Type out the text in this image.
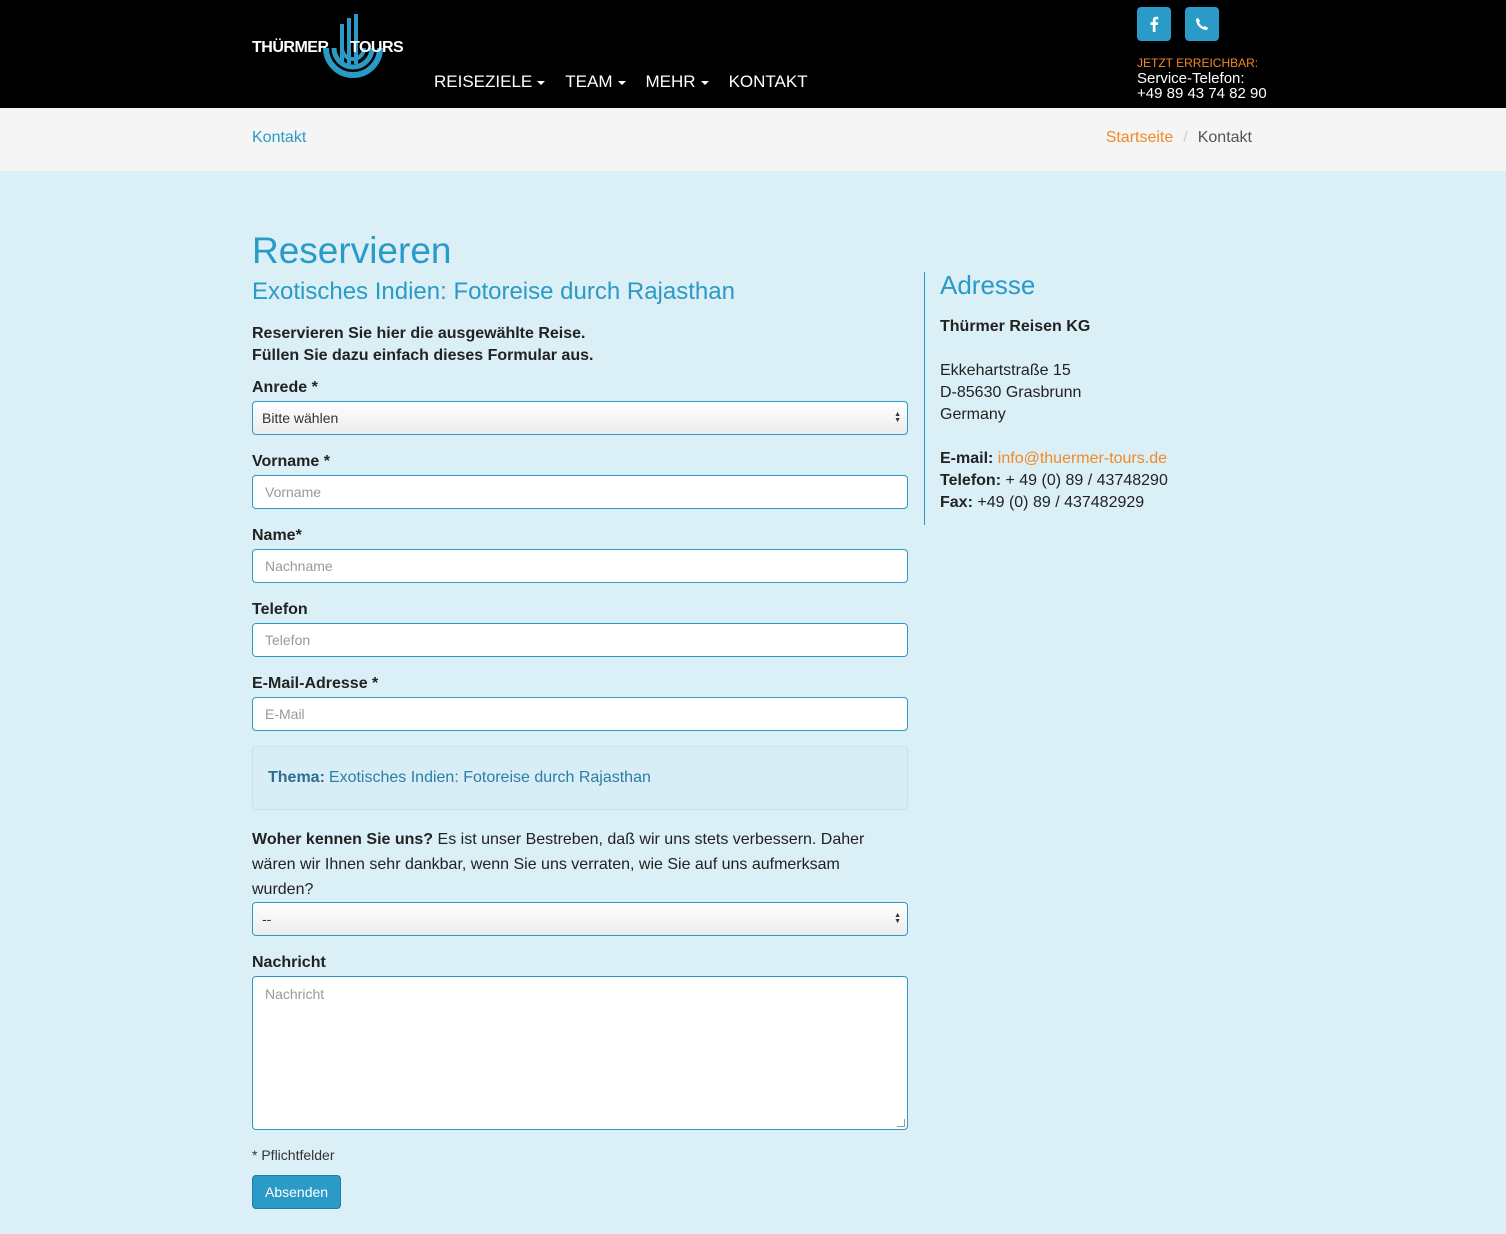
THÜRMER TOURS
REISEZIELE TEAM MEHR KONTAKT
JETZT ERREICHBAR:
Service-Telefon:
+49 89 43 74 82 90
Kontakt	Startseite / Kontakt
Reservieren
Exotisches Indien: Fotoreise durch Rajasthan
Reservieren Sie hier die ausgewählte Reise.
Füllen Sie dazu einfach dieses Formular aus.
Anrede *
Bitte wählen	▲
▼
Vorname *
Vorname
Name*
Nachname
Telefon
Telefon
E-Mail-Adresse *
E-Mail
Thema: Exotisches Indien: Fotoreise durch Rajasthan
Woher kennen Sie uns? Es ist unser Bestreben, daß wir uns stets verbessern. Daher wären wir Ihnen sehr dankbar, wenn Sie uns verraten, wie Sie auf uns aufmerksam wurden?
--	▲
▼
Nachricht
Nachricht
* Pflichtfelder
Absenden
Adresse
Thürmer Reisen KG
Ekkehartstraße 15
D-85630 Grasbrunn
Germany
E-mail: info@thuermer-tours.de
Telefon: + 49 (0) 89 / 43748290
Fax: +49 (0) 89 / 437482929
